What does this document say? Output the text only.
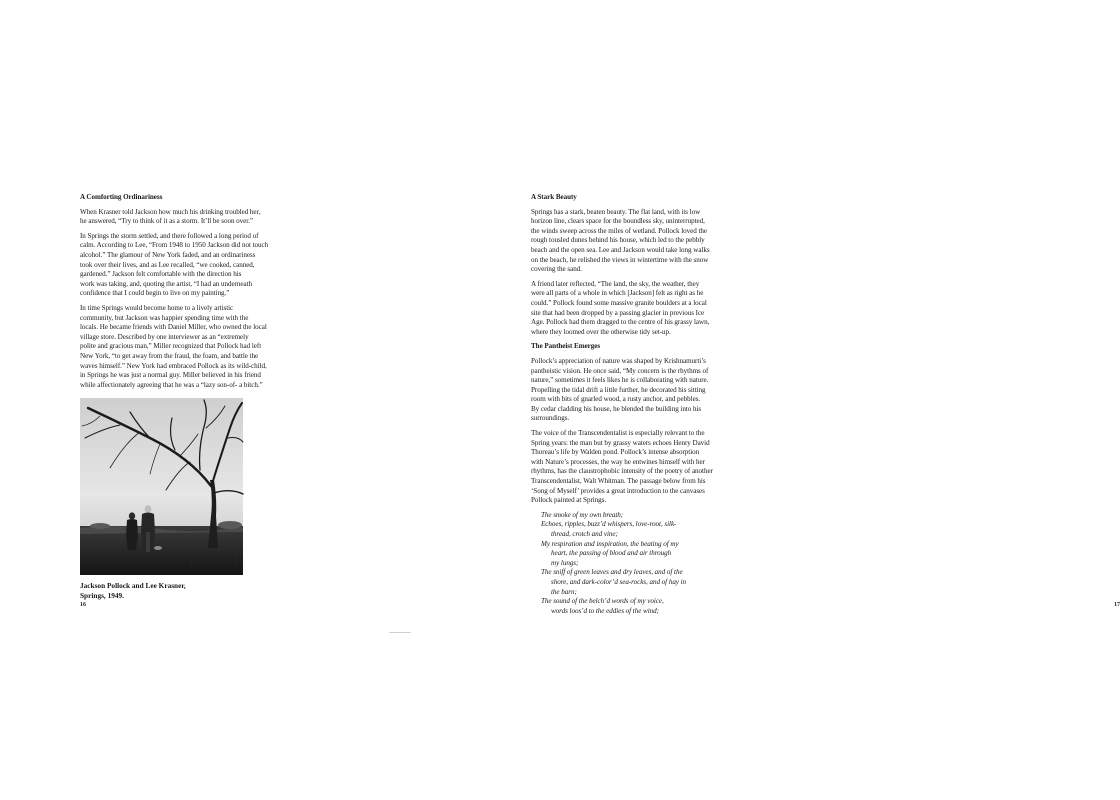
A Comforting Ordinariness
When Krasner told Jackson how much his drinking troubled her,
he answered, “Try to think of it as a storm. It’ll be soon over.”
In Springs the storm settled, and there followed a long period of
calm. According to Lee, “From 1948 to 1950 Jackson did not touch
alcohol.” The glamour of New York faded, and an ordinariness
took over their lives, and as Lee recalled, “we cooked, canned,
gardened.” Jackson felt comfortable with the direction his
work was taking, and, quoting the artist, “I had an underneath
confidence that I could begin to live on my painting.”
In time Springs would become home to a lively artistic
community, but Jackson was happier spending time with the
locals. He became friends with Daniel Miller, who owned the local
village store. Described by one interviewer as an “extremely
polite and gracious man,” Miller recognized that Pollock had left
New York, “to get away from the fraud, the foam, and battle the
waves himself.” New York had embraced Pollock as its wild-child,
in Springs he was just a normal guy. Miller believed in his friend
while affectionately agreeing that he was a “lazy son-of- a bitch.”
Jackson Pollock and Lee Krasner,
Springs, 1949.
16
A Stark Beauty
Springs has a stark, beaten beauty. The flat land, with its low
horizon line, clears space for the boundless sky, uninterrupted,
the winds sweep across the miles of wetland. Pollock loved the
rough tousled dunes behind his house, which led to the pebbly
beach and the open sea. Lee and Jackson would take long walks
on the beach, he relished the views in wintertime with the snow
covering the sand.
A friend later reflected, “The land, the sky, the weather, they
were all parts of a whole in which [Jackson] felt as right as he
could.” Pollock found some massive granite boulders at a local
site that had been dropped by a passing glacier in previous Ice
Age. Pollock had them dragged to the centre of his grassy lawn,
where they loomed over the otherwise tidy set-up.
The Pantheist Emerges
Pollock’s appreciation of nature was shaped by Krishnamurti’s
pantheistic vision. He once said, “My concern is the rhythms of
nature,” sometimes it feels likes he is collaborating with nature.
Propelling the tidal drift a little further, he decorated his sitting
room with bits of gnarled wood, a rusty anchor, and pebbles.
By cedar cladding his house, he blended the building into his
surroundings.
The voice of the Transcendentalist is especially relevant to the
Spring years: the man but by grassy waters echoes Henry David
Thoreau’s life by Walden pond. Pollock’s intense absorption
with Nature’s processes, the way he entwines himself with her
rhythms, has the claustrophobic intensity of the poetry of another
Transcendentalist, Walt Whitman. The passage below from his
‘Song of Myself’ provides a great introduction to the canvases
Pollock painted at Springs.
The smoke of my own breath;
Echoes, ripples, buzz’d whispers, love-root, silk-
thread, crotch and vine;
My respiration and inspiration, the beating of my
heart, the passing of blood and air through
my lungs;
The sniff of green leaves and dry leaves, and of the
shore, and dark-color’d sea-rocks, and of hay in
the barn;
The sound of the belch’d words of my voice,
words loos’d to the eddies of the wind;
17
